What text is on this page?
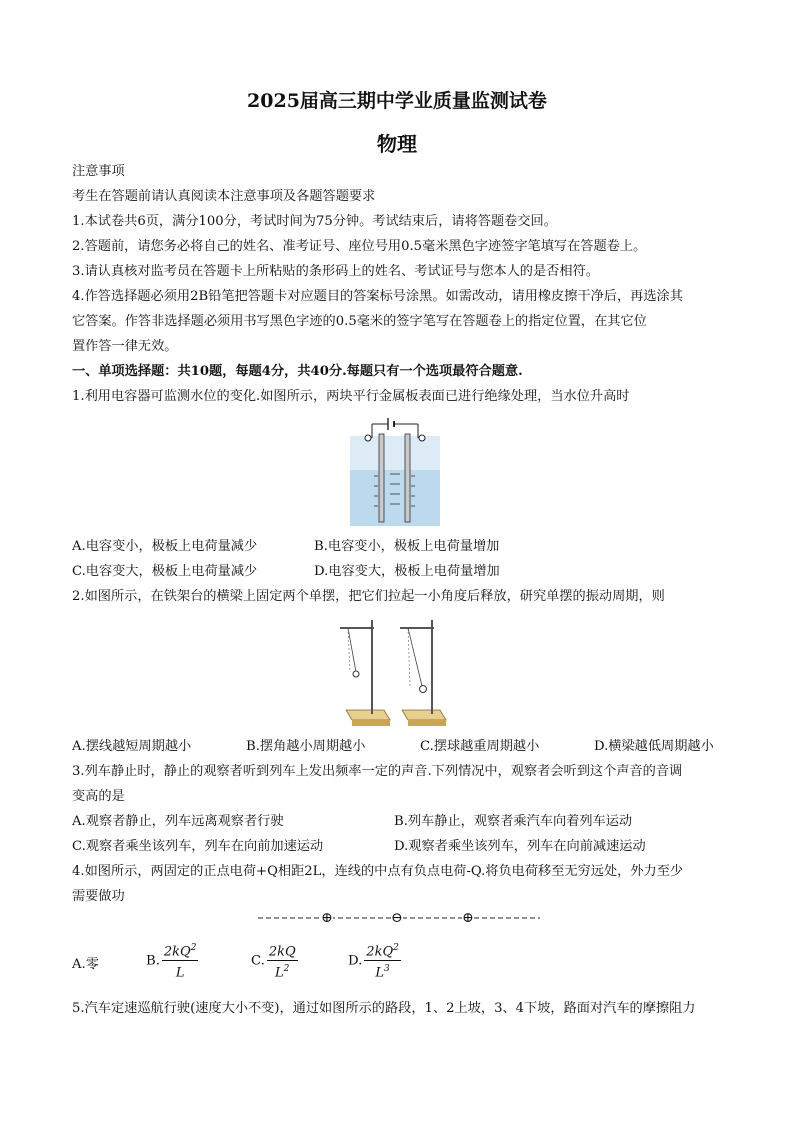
2025届高三期中学业质量监测试卷
物理
注意事项
考生在答题前请认真阅读本注意事项及各题答题要求
1.本试卷共6页，满分100分，考试时间为75分钟。考试结束后，请将答题卷交回。
2.答题前，请您务必将自己的姓名、准考证号、座位号用0.5毫米黑色字迹签字笔填写在答题卷上。
3.请认真核对监考员在答题卡上所粘贴的条形码上的姓名、考试证号与您本人的是否相符。
4.作答选择题必须用2B铅笔把答题卡对应题目的答案标号涂黑。如需改动，请用橡皮擦干净后，再选涂其
它答案。作答非选择题必须用书写黑色字迹的0.5毫米的签字笔写在答题卷上的指定位置，在其它位
置作答一律无效。
一、单项选择题：共10题，每题4分，共40分.每题只有一个选项最符合题意.
1.利用电容器可监测水位的变化.如图所示，两块平行金属板表面已进行绝缘处理，当水位升高时
A.电容变小，极板上电荷量减少	B.电容变小，极板上电荷量增加
C.电容变大，极板上电荷量减少	D.电容变大，极板上电荷量增加
2.如图所示，在铁架台的横梁上固定两个单摆，把它们拉起一小角度后释放，研究单摆的振动周期，则
A.摆线越短周期越小	B.摆角越小周期越小	C.摆球越重周期越小	D.横梁越低周期越小
3.列车静止时，静止的观察者听到列车上发出频率一定的声音.下列情况中，观察者会听到这个声音的音调
变高的是
A.观察者静止，列车远离观察者行驶	B.列车静止，观察者乘汽车向着列车运动
C.观察者乘坐该列车，列车在向前加速运动	D.观察者乘坐该列车，列车在向前减速运动
4.如图所示，两固定的正点电荷+Q相距2L，连线的中点有负点电荷-Q.将负电荷移至无穷远处，外力至少
需要做功
⊕	⊖	⊕
A.零	B. $\frac{2kQ^2}{L}$	C. $\frac{2kQ}{L^2}$	D. $\frac{2kQ^2}{L^3}$
5.汽车定速巡航行驶(速度大小不变)，通过如图所示的路段，1、2上坡，3、4下坡，路面对汽车的摩擦阻力
